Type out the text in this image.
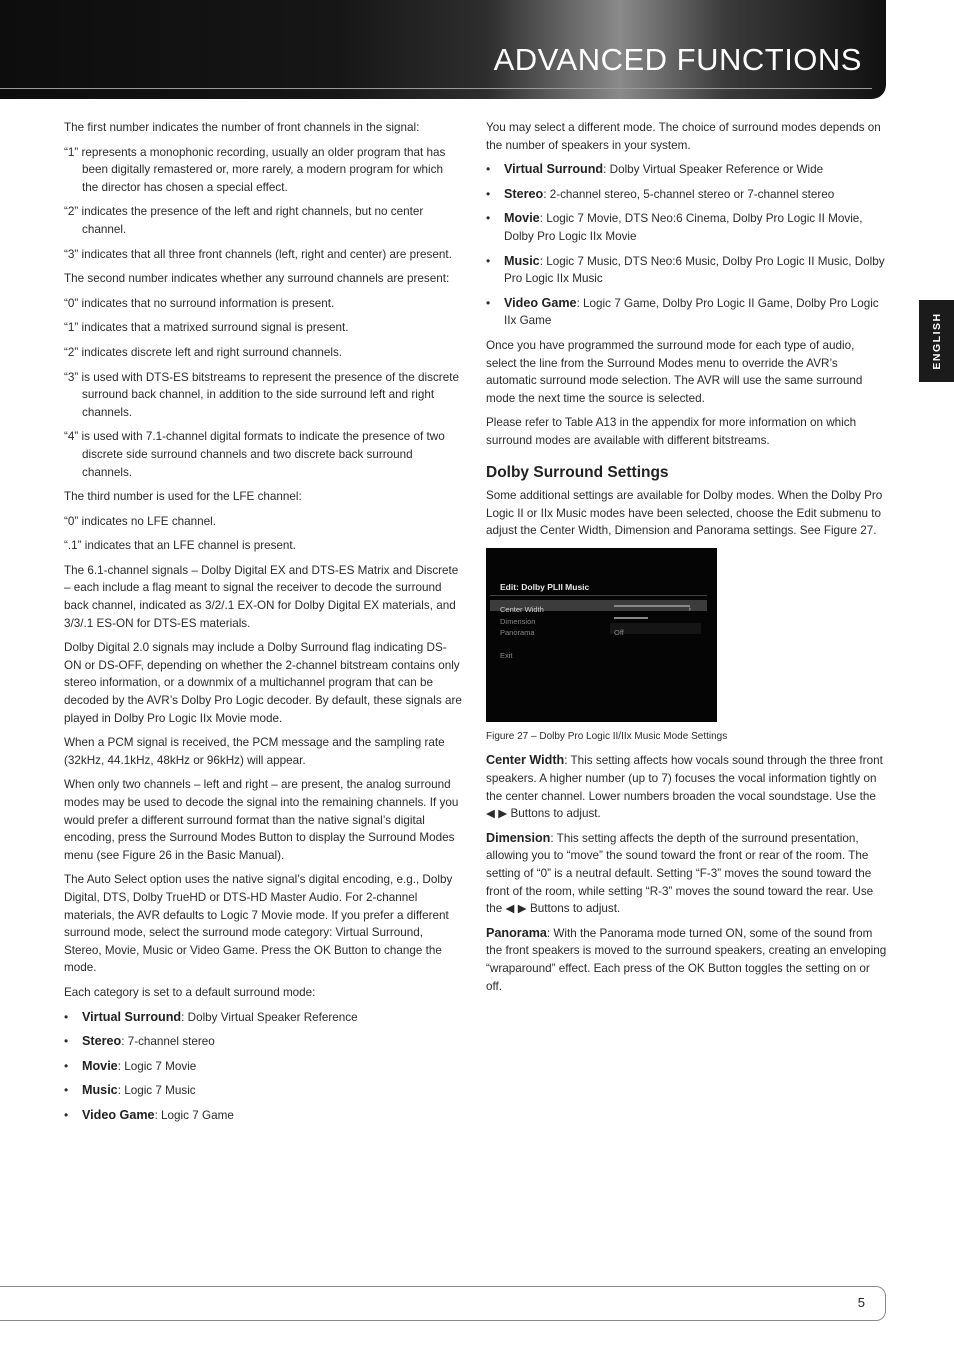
ADVANCED FUNCTIONS
ENGLISH

The first number indicates the number of front channels in the signal:

“1” represents a monophonic recording, usually an older program that has been digitally remastered or, more rarely, a modern program for which the director has chosen a special effect.

“2” indicates the presence of the left and right channels, but no center channel.

“3” indicates that all three front channels (left, right and center) are present.

The second number indicates whether any surround channels are present:

“0” indicates that no surround information is present.

“1” indicates that a matrixed surround signal is present.

“2” indicates discrete left and right surround channels.

“3” is used with DTS-ES bitstreams to represent the presence of the discrete surround back channel, in addition to the side surround left and right channels.

“4” is used with 7.1-channel digital formats to indicate the presence of two discrete side surround channels and two discrete back surround channels.

The third number is used for the LFE channel:

“0” indicates no LFE channel.

“.1” indicates that an LFE channel is present.

The 6.1-channel signals – Dolby Digital EX and DTS-ES Matrix and Discrete – each include a flag meant to signal the receiver to decode the surround back channel, indicated as 3/2/.1 EX-ON for Dolby Digital EX materials, and 3/3/.1 ES-ON for DTS-ES materials.

Dolby Digital 2.0 signals may include a Dolby Surround flag indicating DS-ON or DS-OFF, depending on whether the 2-channel bitstream contains only stereo information, or a downmix of a multichannel program that can be decoded by the AVR’s Dolby Pro Logic decoder. By default, these signals are played in Dolby Pro Logic IIx Movie mode.

When a PCM signal is received, the PCM message and the sampling rate (32kHz, 44.1kHz, 48kHz or 96kHz) will appear.

When only two channels – left and right – are present, the analog surround modes may be used to decode the signal into the remaining channels. If you would prefer a different surround format than the native signal’s digital encoding, press the Surround Modes Button to display the Surround Modes menu (see Figure 26 in the Basic Manual).

The Auto Select option uses the native signal’s digital encoding, e.g., Dolby Digital, DTS, Dolby TrueHD or DTS-HD Master Audio. For 2-channel materials, the AVR defaults to Logic 7 Movie mode. If you prefer a different surround mode, select the surround mode category: Virtual Surround, Stereo, Movie, Music or Video Game. Press the OK Button to change the mode.

Each category is set to a default surround mode:

•	Virtual Surround: Dolby Virtual Speaker Reference
•	Stereo: 7-channel stereo
•	Movie: Logic 7 Movie
•	Music: Logic 7 Music
•	Video Game: Logic 7 Game

You may select a different mode. The choice of surround modes depends on the number of speakers in your system.

•	Virtual Surround: Dolby Virtual Speaker Reference or Wide
•	Stereo: 2-channel stereo, 5-channel stereo or 7-channel stereo
•	Movie: Logic 7 Movie, DTS Neo:6 Cinema, Dolby Pro Logic II Movie, Dolby Pro Logic IIx Movie
•	Music: Logic 7 Music, DTS Neo:6 Music, Dolby Pro Logic II Music, Dolby Pro Logic IIx Music
•	Video Game: Logic 7 Game, Dolby Pro Logic II Game, Dolby Pro Logic IIx Game

Once you have programmed the surround mode for each type of audio, select the line from the Surround Modes menu to override the AVR’s automatic surround mode selection. The AVR will use the same surround mode the next time the source is selected.

Please refer to Table A13 in the appendix for more information on which surround modes are available with different bitstreams.

Dolby Surround Settings

Some additional settings are available for Dolby modes. When the Dolby Pro Logic II or IIx Music modes have been selected, choose the Edit submenu to adjust the Center Width, Dimension and Panorama settings. See Figure 27.

Edit: Dolby PLII Music
Center Width	›
Dimension
Panorama	Off
Exit

Figure 27 – Dolby Pro Logic II/IIx Music Mode Settings

Center Width: This setting affects how vocals sound through the three front speakers. A higher number (up to 7) focuses the vocal information tightly on the center channel. Lower numbers broaden the vocal soundstage. Use the ◀ ▶ Buttons to adjust.

Dimension: This setting affects the depth of the surround presentation, allowing you to “move” the sound toward the front or rear of the room. The setting of “0” is a neutral default. Setting “F-3” moves the sound toward the front of the room, while setting “R-3” moves the sound toward the rear. Use the ◀ ▶ Buttons to adjust.

Panorama: With the Panorama mode turned ON, some of the sound from the front speakers is moved to the surround speakers, creating an enveloping “wraparound” effect. Each press of the OK Button toggles the setting on or off.

5
